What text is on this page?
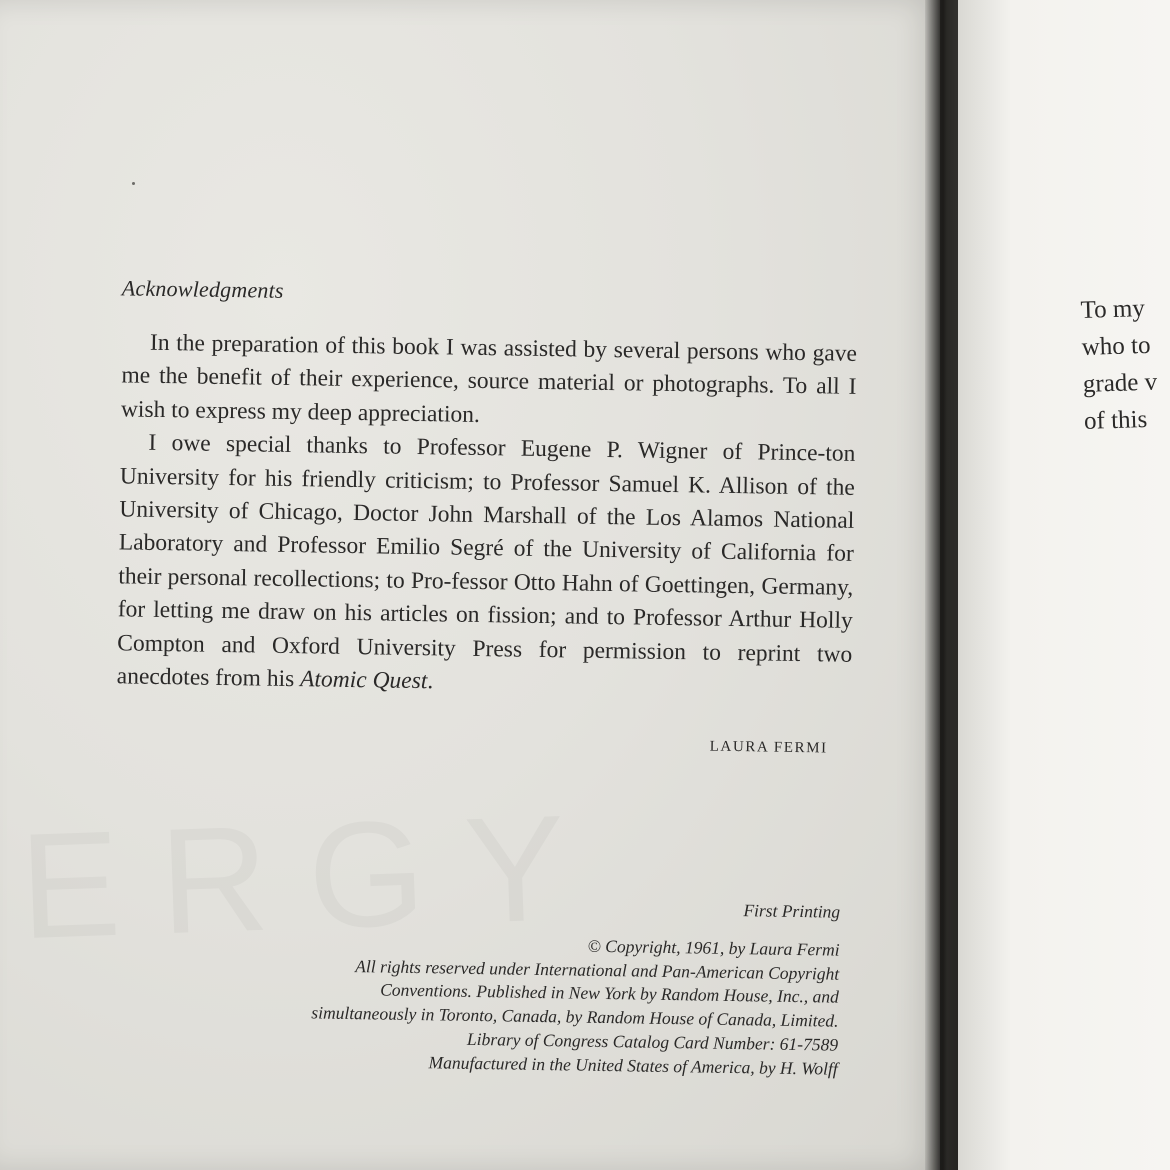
ERGY
Acknowledgments

In the preparation of this book I was assisted by several persons who gave me the benefit of their experience, source material or photographs. To all I wish to express my deep appreciation.

I owe special thanks to Professor Eugene P. Wigner of Prince-ton University for his friendly criticism; to Professor Samuel K. Allison of the University of Chicago, Doctor John Marshall of the Los Alamos National Laboratory and Professor Emilio Segré of the University of California for their personal recollections; to Pro-fessor Otto Hahn of Goettingen, Germany, for letting me draw on his articles on fission; and to Professor Arthur Holly Compton and Oxford University Press for permission to reprint two anecdotes from his Atomic Quest.

LAURA FERMI
First Printing
© Copyright, 1961, by Laura Fermi
All rights reserved under International and Pan-American Copyright
Conventions. Published in New York by Random House, Inc., and
simultaneously in Toronto, Canada, by Random House of Canada, Limited.
Library of Congress Catalog Card Number: 61-7589
Manufactured in the United States of America, by H. Wolff
To my
who to
grade v
of this
